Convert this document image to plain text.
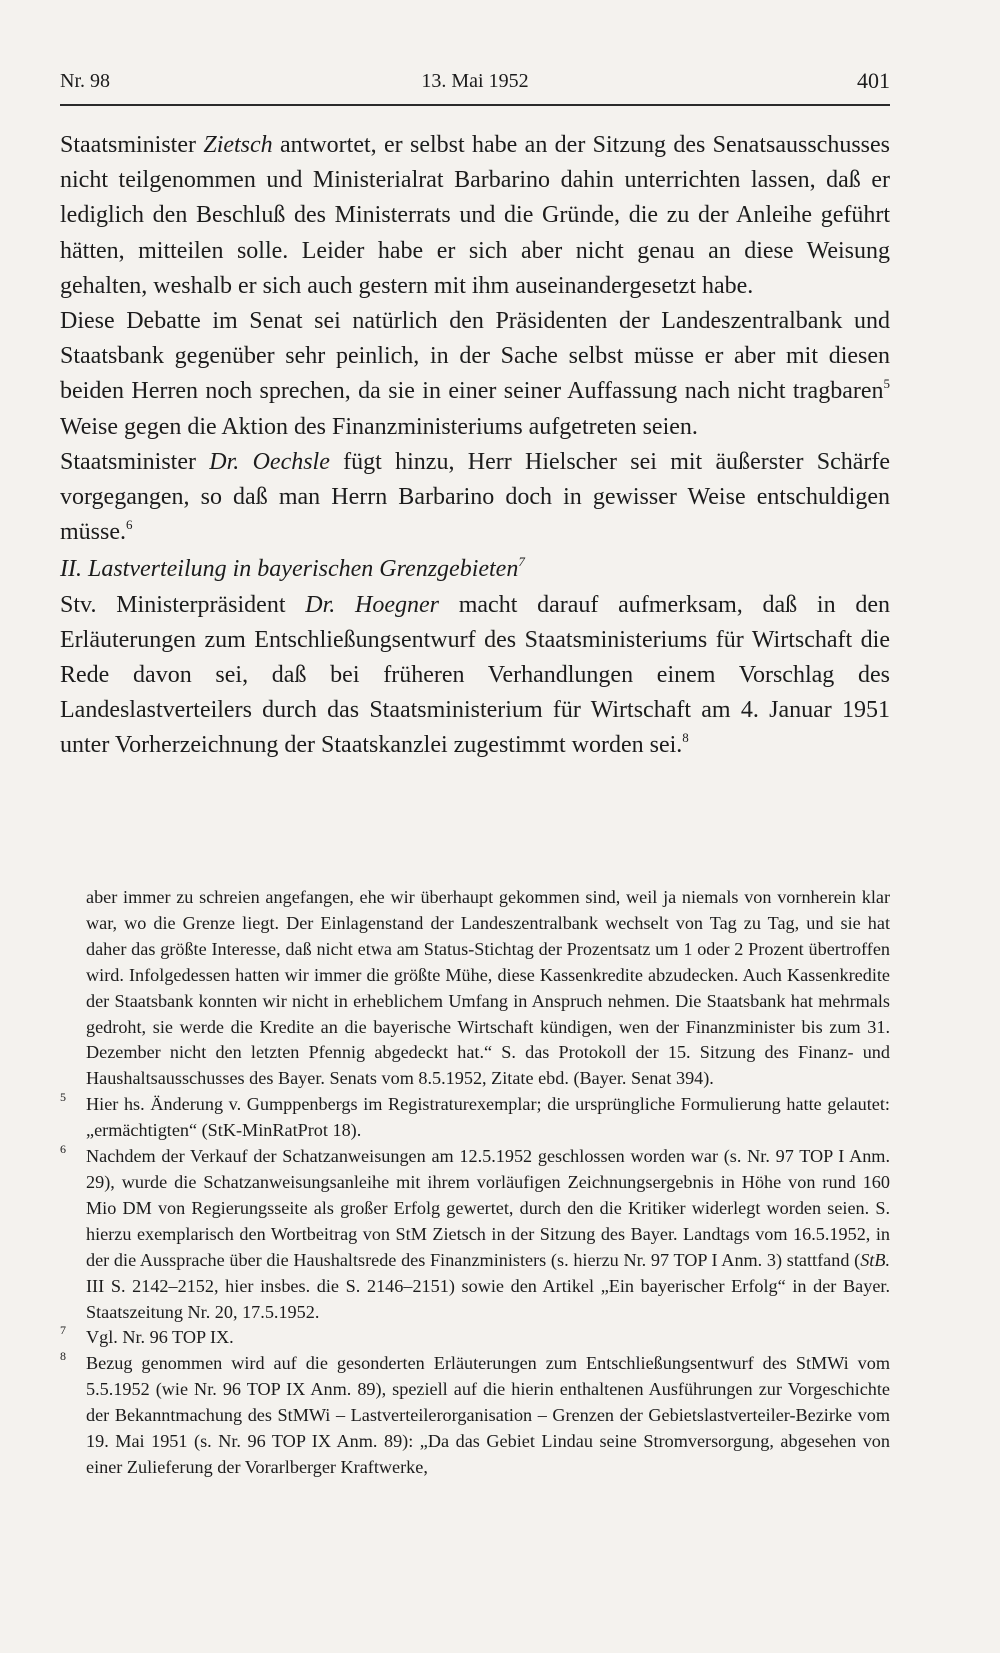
Nr. 98	13. Mai 1952	401

Staatsminister Zietsch antwortet, er selbst habe an der Sitzung des Senatsausschusses nicht teilgenommen und Ministerialrat Barbarino dahin unterrichten lassen, daß er lediglich den Beschluß des Ministerrats und die Gründe, die zu der Anleihe geführt hätten, mitteilen solle. Leider habe er sich aber nicht genau an diese Weisung gehalten, weshalb er sich auch gestern mit ihm auseinandergesetzt habe.

Diese Debatte im Senat sei natürlich den Präsidenten der Landeszentralbank und Staatsbank gegenüber sehr peinlich, in der Sache selbst müsse er aber mit diesen beiden Herren noch sprechen, da sie in einer seiner Auffassung nach nicht tragbaren$^5$ Weise gegen die Aktion des Finanzministeriums aufgetreten seien.

Staatsminister Dr. Oechsle fügt hinzu, Herr Hielscher sei mit äußerster Schärfe vorgegangen, so daß man Herrn Barbarino doch in gewisser Weise entschuldigen müsse.$^6$

II. Lastverteilung in bayerischen Grenzgebieten$^7$

Stv. Ministerpräsident Dr. Hoegner macht darauf aufmerksam, daß in den Erläuterungen zum Entschließungsentwurf des Staatsministeriums für Wirtschaft die Rede davon sei, daß bei früheren Verhandlungen einem Vorschlag des Landeslastverteilers durch das Staatsministerium für Wirtschaft am 4. Januar 1951 unter Vorherzeichnung der Staatskanzlei zugestimmt worden sei.$^8$

aber immer zu schreien angefangen, ehe wir überhaupt gekommen sind, weil ja niemals von vornherein klar war, wo die Grenze liegt. Der Einlagenstand der Landeszentralbank wechselt von Tag zu Tag, und sie hat daher das größte Interesse, daß nicht etwa am Status-Stichtag der Prozentsatz um 1 oder 2 Prozent übertroffen wird. Infolgedessen hatten wir immer die größte Mühe, diese Kassenkredite abzudecken. Auch Kassenkredite der Staatsbank konnten wir nicht in erheblichem Umfang in Anspruch nehmen. Die Staatsbank hat mehrmals gedroht, sie werde die Kredite an die bayerische Wirtschaft kündigen, wen der Finanzminister bis zum 31. Dezember nicht den letzten Pfennig abgedeckt hat.“ S. das Protokoll der 15. Sitzung des Finanz- und Haushaltsausschusses des Bayer. Senats vom 8.5.1952, Zitate ebd. (Bayer. Senat 394).

5 Hier hs. Änderung v. Gumppenbergs im Registraturexemplar; die ursprüngliche Formulierung hatte gelautet: „ermächtigten“ (StK-MinRatProt 18).

6 Nachdem der Verkauf der Schatzanweisungen am 12.5.1952 geschlossen worden war (s. Nr. 97 TOP I Anm. 29), wurde die Schatzanweisungsanleihe mit ihrem vorläufigen Zeichnungsergebnis in Höhe von rund 160 Mio DM von Regierungsseite als großer Erfolg gewertet, durch den die Kritiker widerlegt worden seien. S. hierzu exemplarisch den Wortbeitrag von StM Zietsch in der Sitzung des Bayer. Landtags vom 16.5.1952, in der die Aussprache über die Haushaltsrede des Finanzministers (s. hierzu Nr. 97 TOP I Anm. 3) stattfand (StB. III S. 2142–2152, hier insbes. die S. 2146–2151) sowie den Artikel „Ein bayerischer Erfolg“ in der Bayer. Staatszeitung Nr. 20, 17.5.1952.

7 Vgl. Nr. 96 TOP IX.

8 Bezug genommen wird auf die gesonderten Erläuterungen zum Entschließungsentwurf des StMWi vom 5.5.1952 (wie Nr. 96 TOP IX Anm. 89), speziell auf die hierin enthaltenen Ausführungen zur Vorgeschichte der Bekanntmachung des StMWi – Lastverteilerorganisation – Grenzen der Gebietslastverteiler-Bezirke vom 19. Mai 1951 (s. Nr. 96 TOP IX Anm. 89): „Da das Gebiet Lindau seine Stromversorgung, abgesehen von einer Zulieferung der Vorarlberger Kraftwerke,
